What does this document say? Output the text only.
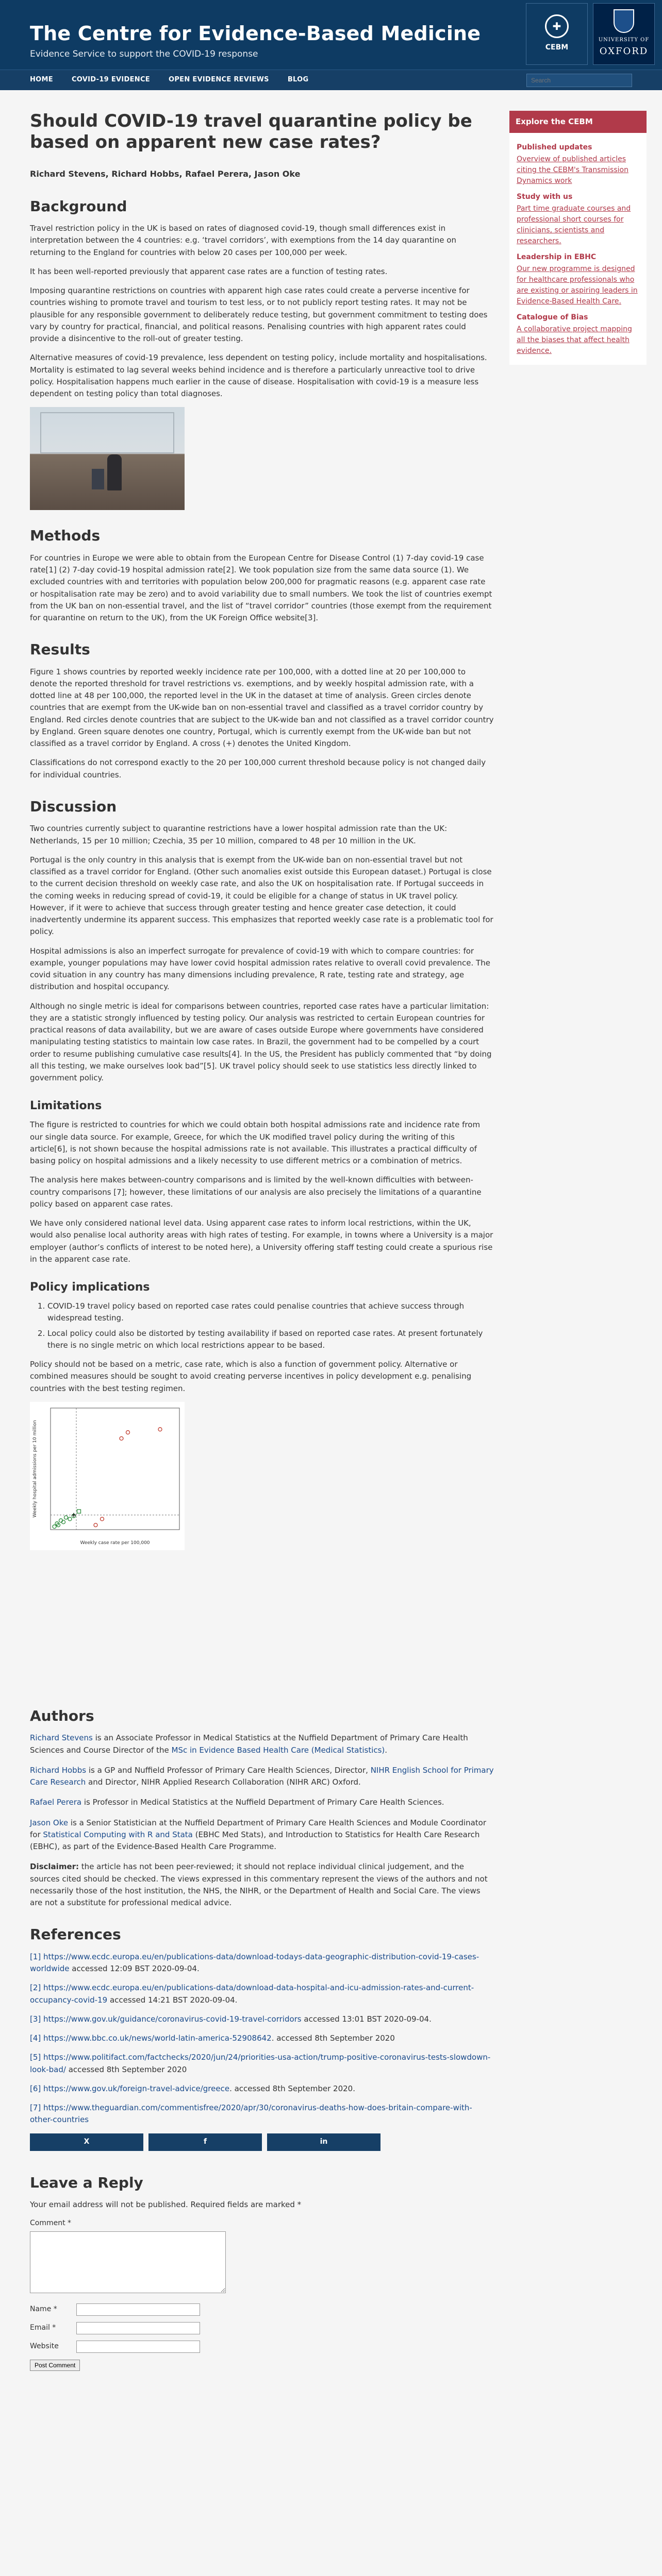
The Centre for Evidence-Based Medicine
Evidence Service to support the COVID-19 response
✚
CEBM
UNIVERSITY OF
OXFORD
HOME	COVID-19 EVIDENCE	OPEN EVIDENCE REVIEWS	BLOG
Search
Should COVID-19 travel quarantine policy be based on apparent new case rates?
Richard Stevens, Richard Hobbs, Rafael Perera, Jason Oke
Background

Travel restriction policy in the UK is based on rates of diagnosed covid-19, though small differences exist in interpretation between the 4 countries: e.g. ‘travel corridors’, with exemptions from the 14 day quarantine on returning to the England for countries with below 20 cases per 100,000 per week.

It has been well-reported previously that apparent case rates are a function of testing rates.

Imposing quarantine restrictions on countries with apparent high case rates could create a perverse incentive for countries wishing to promote travel and tourism to test less, or to not publicly report testing rates. It may not be plausible for any responsible government to deliberately reduce testing, but government commitment to testing does vary by country for practical, financial, and political reasons. Penalising countries with high apparent rates could provide a disincentive to the roll-out of greater testing.

Alternative measures of covid-19 prevalence, less dependent on testing policy, include mortality and hospitalisations. Mortality is estimated to lag several weeks behind incidence and is therefore a particularly unreactive tool to drive policy. Hospitalisation happens much earlier in the cause of disease. Hospitalisation with covid-19 is a measure less dependent on testing policy than total diagnoses.

Methods

For countries in Europe we were able to obtain from the European Centre for Disease Control (1) 7-day covid-19 case rate[1] (2) 7-day covid-19 hospital admission rate[2]. We took population size from the same data source (1). We excluded countries with and territories with population below 200,000 for pragmatic reasons (e.g. apparent case rate or hospitalisation rate may be zero) and to avoid variability due to small numbers. We took the list of countries exempt from the UK ban on non-essential travel, and the list of “travel corridor” countries (those exempt from the requirement for quarantine on return to the UK), from the UK Foreign Office website[3].

Results

Figure 1 shows countries by reported weekly incidence rate per 100,000, with a dotted line at 20 per 100,000 to denote the reported threshold for travel restrictions vs. exemptions, and by weekly hospital admission rate, with a dotted line at 48 per 100,000, the reported level in the UK in the dataset at time of analysis. Green circles denote countries that are exempt from the UK-wide ban on non-essential travel and classified as a travel corridor country by England. Red circles denote countries that are subject to the UK-wide ban and not classified as a travel corridor country by England. Green square denotes one country, Portugal, which is currently exempt from the UK-wide ban but not classified as a travel corridor by England. A cross (+) denotes the United Kingdom.

Classifications do not correspond exactly to the 20 per 100,000 current threshold because policy is not changed daily for individual countries.

Discussion

Two countries currently subject to quarantine restrictions have a lower hospital admission rate than the UK: Netherlands, 15 per 10 million; Czechia, 35 per 10 million, compared to 48 per 10 million in the UK.

Portugal is the only country in this analysis that is exempt from the UK-wide ban on non-essential travel but not classified as a travel corridor for England. (Other such anomalies exist outside this European dataset.) Portugal is close to the current decision threshold on weekly case rate, and also the UK on hospitalisation rate. If Portugal succeeds in the coming weeks in reducing spread of covid-19, it could be eligible for a change of status in UK travel policy. However, if it were to achieve that success through greater testing and hence greater case detection, it could inadvertently undermine its apparent success. This emphasizes that reported weekly case rate is a problematic tool for policy.

Hospital admissions is also an imperfect surrogate for prevalence of covid-19 with which to compare countries: for example, younger populations may have lower covid hospital admission rates relative to overall covid prevalence. The covid situation in any country has many dimensions including prevalence, R rate, testing rate and strategy, age distribution and hospital occupancy.

Although no single metric is ideal for comparisons between countries, reported case rates have a particular limitation: they are a statistic strongly influenced by testing policy. Our analysis was restricted to certain European countries for practical reasons of data availability, but we are aware of cases outside Europe where governments have considered manipulating testing statistics to maintain low case rates. In Brazil, the government had to be compelled by a court order to resume publishing cumulative case results[4]. In the US, the President has publicly commented that “by doing all this testing, we make ourselves look bad”[5]. UK travel policy should seek to use statistics less directly linked to government policy.

Limitations

The figure is restricted to countries for which we could obtain both hospital admissions rate and incidence rate from our single data source. For example, Greece, for which the UK modified travel policy during the writing of this article[6], is not shown because the hospital admissions rate is not available. This illustrates a practical difficulty of basing policy on hospital admissions and a likely necessity to use different metrics or a combination of metrics.

The analysis here makes between-country comparisons and is limited by the well-known difficulties with between-country comparisons [7]; however, these limitations of our analysis are also precisely the limitations of a quarantine policy based on apparent case rates.

We have only considered national level data. Using apparent case rates to inform local restrictions, within the UK, would also penalise local authority areas with high rates of testing. For example, in towns where a University is a major employer (author’s conflicts of interest to be noted here), a University offering staff testing could create a spurious rise in the apparent case rate.

Policy implications
1. COVID-19 travel policy based on reported case rates could penalise countries that achieve success through widespread testing.
2. Local policy could also be distorted by testing availability if based on reported case rates. At present fortunately there is no single metric on which local restrictions appear to be based.

Policy should not be based on a metric, case rate, which is also a function of government policy. Alternative or combined measures should be sought to avoid creating perverse incentives in policy development e.g. penalising countries with the best testing regimen.

Weekly case rate per 100,000
Weekly hospital admissions per 10 million
Authors

Richard Stevens is an Associate Professor in Medical Statistics at the Nuffield Department of Primary Care Health Sciences and Course Director of the MSc in Evidence Based Health Care (Medical Statistics).

Richard Hobbs is a GP and Nuffield Professor of Primary Care Health Sciences, Director, NIHR English School for Primary Care Research and Director, NIHR Applied Research Collaboration (NIHR ARC) Oxford.

Rafael Perera is Professor in Medical Statistics at the Nuffield Department of Primary Care Health Sciences.

Jason Oke is a Senior Statistician at the Nuffield Department of Primary Care Health Sciences and Module Coordinator for Statistical Computing with R and Stata (EBHC Med Stats), and Introduction to Statistics for Health Care Research (EBHC), as part of the Evidence-Based Health Care Programme.

Disclaimer: the article has not been peer-reviewed; it should not replace individual clinical judgement, and the sources cited should be checked. The views expressed in this commentary represent the views of the authors and not necessarily those of the host institution, the NHS, the NIHR, or the Department of Health and Social Care. The views are not a substitute for professional medical advice.

References

[1] https://www.ecdc.europa.eu/en/publications-data/download-todays-data-geographic-distribution-covid-19-cases-worldwide accessed 12:09 BST 2020-09-04.

[2] https://www.ecdc.europa.eu/en/publications-data/download-data-hospital-and-icu-admission-rates-and-current-occupancy-covid-19 accessed 14:21 BST 2020-09-04.

[3] https://www.gov.uk/guidance/coronavirus-covid-19-travel-corridors accessed 13:01 BST 2020-09-04.

[4] https://www.bbc.co.uk/news/world-latin-america-52908642. accessed 8th September 2020

[5] https://www.politifact.com/factchecks/2020/jun/24/priorities-usa-action/trump-positive-coronavirus-tests-slowdown-look-bad/ accessed 8th September 2020

[6] https://www.gov.uk/foreign-travel-advice/greece. accessed 8th September 2020.

[7] https://www.theguardian.com/commentisfree/2020/apr/30/coronavirus-deaths-how-does-britain-compare-with-other-countries

X	f	in
Leave a Reply

Your email address will not be published. Required fields are marked *

Comment *
Name *
Email *
Website
Post Comment
Explore the CEBM
Published updates
Overview of published articles citing the CEBM's Transmission Dynamics work
Study with us
Part time graduate courses and professional short courses for clinicians, scientists and researchers.
Leadership in EBHC
Our new programme is designed for healthcare professionals who are existing or aspiring leaders in Evidence-Based Health Care.
Catalogue of Bias
A collaborative project mapping all the biases that affect health evidence.
